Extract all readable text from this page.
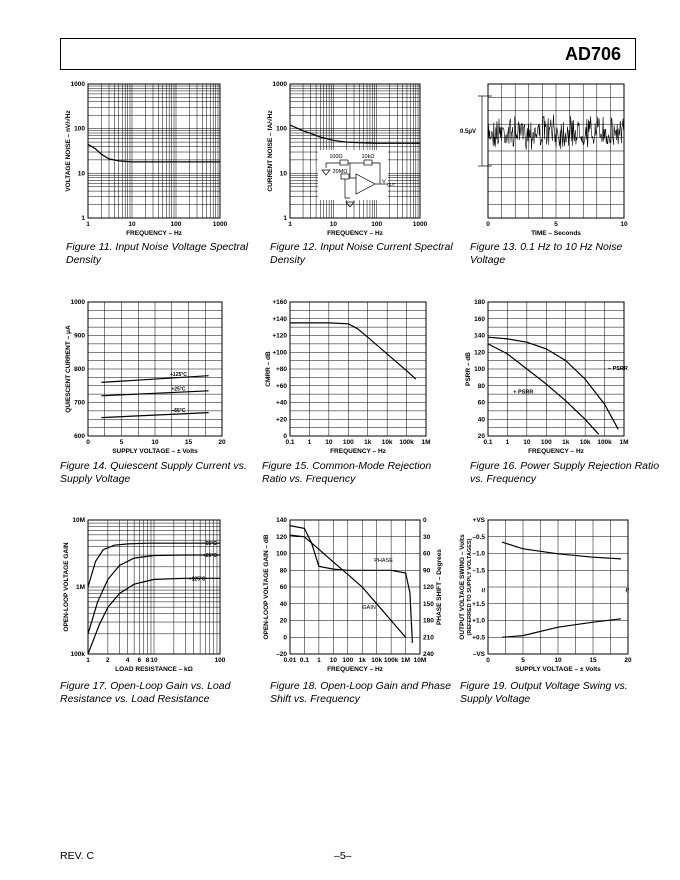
AD706
1	10	100	1000
1
10
100
1000
FREQUENCY – Hz
VOLTAGE NOISE – nV/√Hz
1	10	100	1000
1
10
100
1000
FREQUENCY – Hz
CURRENT NOISE – fA/√Hz	100Ω	10kΩ
20MΩ
V OUT
0.5μV
0	5	10
TIME – Seconds
+125°C
+25°C
–55°C
0	5	10	15	20
600
700
800
900
1000
SUPPLY VOLTAGE – ± Volts
QUIESCENT CURRENT – μA
0.1 1 10 100 1k 10k 100k 1M
0
+20
+40
+60
+80
+100
+120
+140
+160
FREQUENCY – Hz
CMRR – dB	– PSRR
+ PSRR
0.1 1 10 100 1k 10k 100k 1M
20
40
60
80
100
120
140
160
180
FREQUENCY – Hz
PSRR – dB
–55°C
+25°C
+125°C
1 2 4 6 8 10	100
100k
1M
10M
LOAD RESISTANCE – kΩ
OPEN-LOOP VOLTAGE GAIN	PHASE
GAIN
0.01 0.1 1 10 100 1k 10k 100k 1M 10M
–20
0
20
40
60
80
100
120
140
240
210
180
150
120
90
60
30
0
FREQUENCY – Hz
OPEN-LOOP VOLTAGE GAIN – dB	PHASE SHIFT – Degrees	≈	≈
0	5	10	15	20
+VS
–0.5
–1.0
–1.5
+1.5
+1.0
+0.5
–VS
SUPPLY VOLTAGE – ± Volts
OUTPUT VOLTAGE SWING – Volts (REFERRED TO SUPPLY VOLTAGES)
Figure 11. Input Noise Voltage Spectral Density
Figure 12. Input Noise Current Spectral Density
Figure 13. 0.1 Hz to 10 Hz Noise Voltage
Figure 14. Quiescent Supply Current vs. Supply Voltage
Figure 15. Common-Mode Rejection Ratio vs. Frequency
Figure 16. Power Supply Rejection Ratio vs. Frequency
Figure 17. Open-Loop Gain vs. Load Resistance vs. Load Resistance
Figure 18. Open-Loop Gain and Phase Shift vs. Frequency
Figure 19. Output Voltage Swing vs. Supply Voltage
REV. C	–5–
